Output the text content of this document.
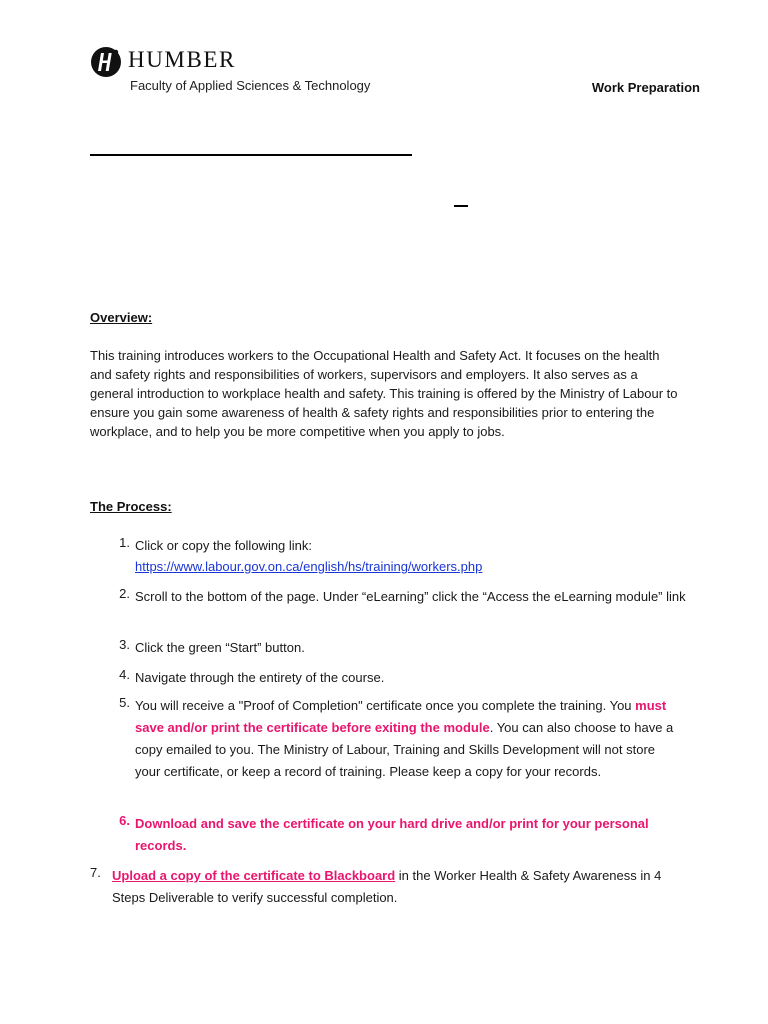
HUMBER
Faculty of Applied Sciences & Technology	Work Preparation
Overview:
This training introduces workers to the Occupational Health and Safety Act. It focuses on the health and safety rights and responsibilities of workers, supervisors and employers. It also serves as a general introduction to workplace health and safety. This training is offered by the Ministry of Labour to ensure you gain some awareness of health & safety rights and responsibilities prior to entering the workplace, and to help you be more competitive when you apply to jobs.
The Process:
1. Click or copy the following link:
https://www.labour.gov.on.ca/english/hs/training/workers.php
2. Scroll to the bottom of the page. Under “eLearning” click the “Access the eLearning module” link
3. Click the green “Start” button.
4. Navigate through the entirety of the course.
5. You will receive a "Proof of Completion" certificate once you complete the training. You must save and/or print the certificate before exiting the module. You can also choose to have a copy emailed to you. The Ministry of Labour, Training and Skills Development will not store your certificate, or keep a record of training. Please keep a copy for your records.
6. Download and save the certificate on your hard drive and/or print for your personal records.
7. Upload a copy of the certificate to Blackboard in the Worker Health & Safety Awareness in 4 Steps Deliverable to verify successful completion.
